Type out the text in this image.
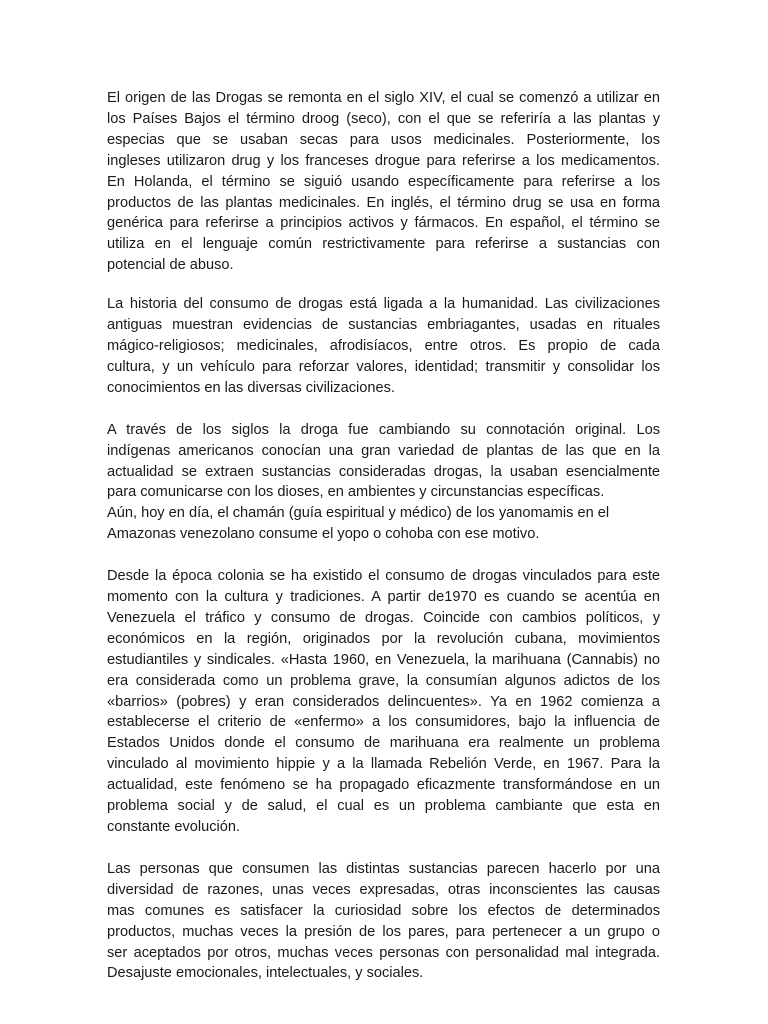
El origen de las Drogas se remonta en el siglo XIV, el cual se comenzó a utilizar en
los Países Bajos el término droog (seco), con el que se referiría a las plantas y
especias que se usaban secas para usos medicinales. Posteriormente, los
ingleses utilizaron drug y los franceses drogue para referirse a los medicamentos.
En Holanda, el término se siguió usando específicamente para referirse a los
productos de las plantas medicinales. En inglés, el término drug se usa en forma
genérica para referirse a principios activos y fármacos. En español, el término se
utiliza en el lenguaje común restrictivamente para referirse a sustancias con
potencial de abuso.

La historia del consumo de drogas está ligada a la humanidad. Las civilizaciones
antiguas muestran evidencias de sustancias embriagantes, usadas en rituales
mágico-religiosos; medicinales, afrodisíacos, entre otros. Es propio de cada
cultura, y un vehículo para reforzar valores, identidad; transmitir y consolidar los
conocimientos en las diversas civilizaciones.

A través de los siglos la droga fue cambiando su connotación original. Los
indígenas americanos conocían una gran variedad de plantas de las que en la
actualidad se extraen sustancias consideradas drogas, la usaban esencialmente
para comunicarse con los dioses, en ambientes y circunstancias específicas.

Aún, hoy en día, el chamán (guía espiritual y médico) de los yanomamis en el
Amazonas venezolano consume el yopo o cohoba con ese motivo.

Desde la época colonia se ha existido el consumo de drogas vinculados para este
momento con la cultura y tradiciones. A partir de1970 es cuando se acentúa en
Venezuela el tráfico y consumo de drogas. Coincide con cambios políticos, y
económicos en la región, originados por la revolución cubana, movimientos
estudiantiles y sindicales. «Hasta 1960, en Venezuela, la marihuana (Cannabis) no
era considerada como un problema grave, la consumían algunos adictos de los
«barrios» (pobres) y eran considerados delincuentes». Ya en 1962 comienza a
establecerse el criterio de «enfermo» a los consumidores, bajo la influencia de
Estados Unidos donde el consumo de marihuana era realmente un problema
vinculado al movimiento hippie y a la llamada Rebelión Verde, en 1967. Para la
actualidad, este fenómeno se ha propagado eficazmente transformándose en un
problema social y de salud, el cual es un problema cambiante que esta en
constante evolución.

Las personas que consumen las distintas sustancias parecen hacerlo por una
diversidad de razones, unas veces expresadas, otras inconscientes las causas
mas comunes es satisfacer la curiosidad sobre los efectos de determinados
productos, muchas veces la presión de los pares, para pertenecer a un grupo o
ser aceptados por otros, muchas veces personas con personalidad mal integrada.
Desajuste emocionales, intelectuales, y sociales.
